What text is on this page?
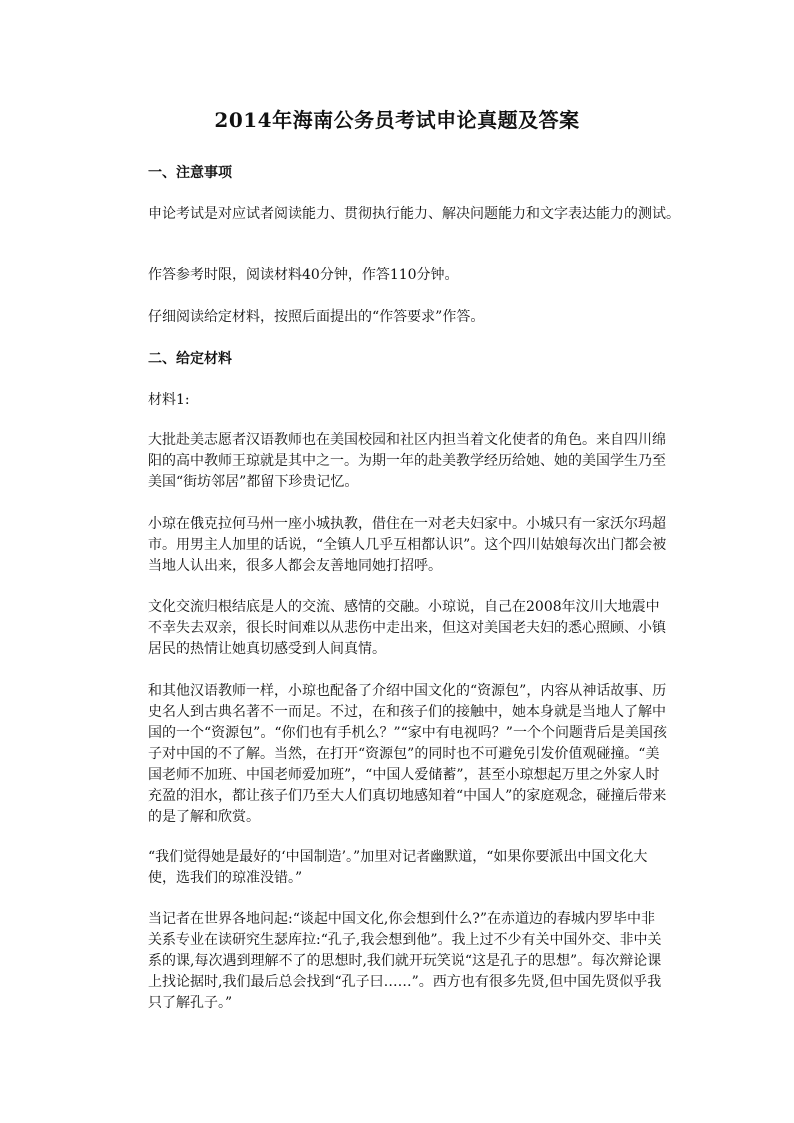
2014年海南公务员考试申论真题及答案

一、注意事项

申论考试是对应试者阅读能力、贯彻执行能力、解决问题能力和文字表达能力的测试。

作答参考时限，阅读材料40分钟，作答110分钟。

仔细阅读给定材料，按照后面提出的“作答要求”作答。

二、给定材料

材料1:

大批赴美志愿者汉语教师也在美国校园和社区内担当着文化使者的角色。来自四川绵阳的高中教师王琼就是其中之一。为期一年的赴美教学经历给她、她的美国学生乃至美国“街坊邻居”都留下珍贵记忆。

小琼在俄克拉何马州一座小城执教，借住在一对老夫妇家中。小城只有一家沃尔玛超市。用男主人加里的话说，“全镇人几乎互相都认识”。这个四川姑娘每次出门都会被当地人认出来，很多人都会友善地同她打招呼。

文化交流归根结底是人的交流、感情的交融。小琼说，自己在2008年汶川大地震中不幸失去双亲，很长时间难以从悲伤中走出来，但这对美国老夫妇的悉心照顾、小镇居民的热情让她真切感受到人间真情。

和其他汉语教师一样，小琼也配备了介绍中国文化的“资源包”，内容从神话故事、历史名人到古典名著不一而足。不过，在和孩子们的接触中，她本身就是当地人了解中国的一个“资源包”。“你们也有手机么？”“家中有电视吗？”一个个问题背后是美国孩子对中国的不了解。当然，在打开“资源包”的同时也不可避免引发价值观碰撞。“美国老师不加班、中国老师爱加班”，“中国人爱储蓄”，甚至小琼想起万里之外家人时充盈的泪水，都让孩子们乃至大人们真切地感知着“中国人”的家庭观念，碰撞后带来的是了解和欣赏。

“我们觉得她是最好的‘中国制造’。”加里对记者幽默道，“如果你要派出中国文化大使，选我们的琼准没错。”

当记者在世界各地问起:“谈起中国文化,你会想到什么?”在赤道边的春城内罗毕中非关系专业在读研究生瑟库拉:“孔子,我会想到他”。我上过不少有关中国外交、非中关系的课,每次遇到理解不了的思想时,我们就开玩笑说“这是孔子的思想”。每次辩论课上找论据时,我们最后总会找到“孔子曰……”。西方也有很多先贤,但中国先贤似乎我只了解孔子。”
